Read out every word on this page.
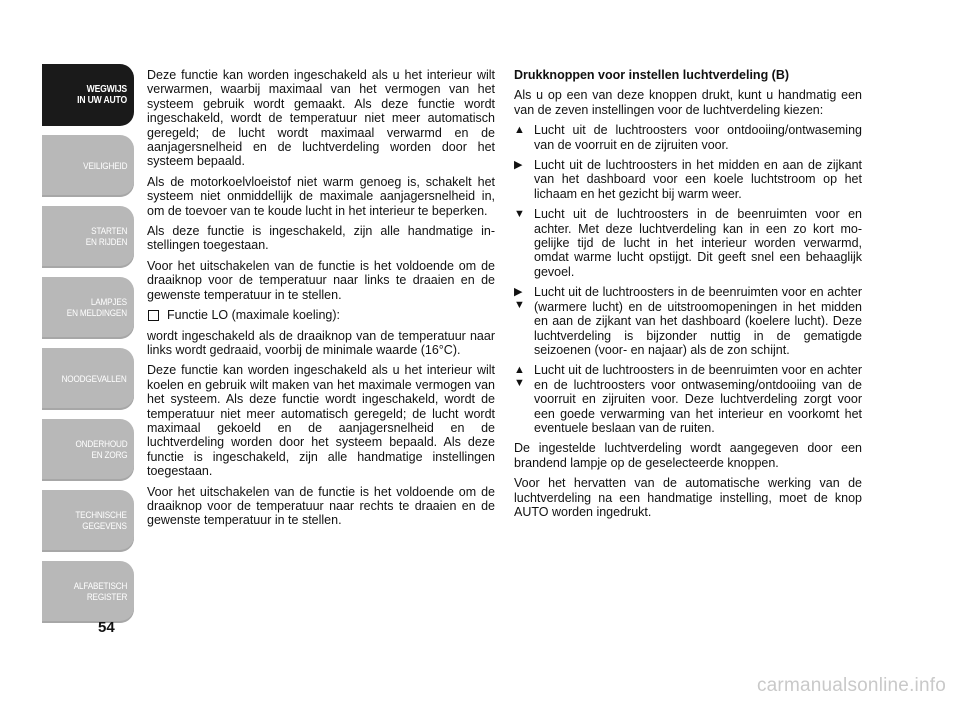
WEGWIJS
IN UW AUTO
VEILIGHEID
STARTEN
EN RIJDEN
LAMPJES
EN MELDINGEN
NOODGEVALLEN
ONDERHOUD
EN ZORG
TECHNISCHE
GEGEVENS
ALFABETISCH
REGISTER
54

Deze functie kan worden ingeschakeld als u het interieur wilt verwarmen, waarbij maximaal van het vermogen van het systeem gebruik wordt gemaakt. Als deze functie wordt ingeschakeld, wordt de temperatuur niet meer automatisch geregeld; de lucht wordt maximaal verwarmd en de aanjagersnelheid en de luchtverdeling worden door het systeem bepaald.

Als de motorkoelvloeistof niet warm genoeg is, schakelt het systeem niet onmiddellijk de maximale aanjagersnelheid in, om de toevoer van te koude lucht in het interieur te beperken.

Als deze functie is ingeschakeld, zijn alle handmatige instellingen toegestaan.

Voor het uitschakelen van de functie is het voldoende om de draaiknop voor de temperatuur naar links te draaien en de gewenste temperatuur in te stellen.

Functie LO (maximale koeling):

wordt ingeschakeld als de draaiknop van de temperatuur naar links wordt gedraaid, voorbij de minimale waarde (16°C).

Deze functie kan worden ingeschakeld als u het interieur wilt koelen en gebruik wilt maken van het maximale vermogen van het systeem. Als deze functie wordt ingeschakeld, wordt de temperatuur niet meer automatisch geregeld; de lucht wordt maximaal gekoeld en de aanjagersnelheid en de luchtverdeling worden door het systeem bepaald. Als deze functie is ingeschakeld, zijn alle handmatige instellingen toegestaan.

Voor het uitschakelen van de functie is het voldoende om de draaiknop voor de temperatuur naar rechts te draaien en de gewenste temperatuur in te stellen.

Drukknoppen voor instellen luchtverdeling (B)

Als u op een van deze knoppen drukt, kunt u handmatig een van de zeven instellingen voor de luchtverdeling kiezen:

▲ Lucht uit de luchtroosters voor ontdooiing/ontwaseming van de voorruit en de zijruiten voor.
▶ Lucht uit de luchtroosters in het midden en aan de zijkant van het dashboard voor een koele luchtstroom op het lichaam en het gezicht bij warm weer.
▼ Lucht uit de luchtroosters in de beenruimten voor en achter. Met deze luchtverdeling kan in een zo kort mogelijke tijd de lucht in het interieur worden verwarmd, omdat warme lucht opstijgt. Dit geeft snel een behaaglijk gevoel.
▶
▼
Lucht uit de luchtroosters in de beenruimten voor en achter (warmere lucht) en de uitstroomopeningen in het midden en aan de zijkant van het dashboard (koelere lucht). Deze luchtverdeling is bijzonder nuttig in de gematigde seizoenen (voor- en najaar) als de zon schijnt.
▲
▼
Lucht uit de luchtroosters in de beenruimten voor en achter en de luchtroosters voor ontwaseming/ontdooiing van de voorruit en zijruiten voor. Deze luchtverdeling zorgt voor een goede verwarming van het interieur en voorkomt het eventuele beslaan van de ruiten.

De ingestelde luchtverdeling wordt aangegeven door een brandend lampje op de geselecteerde knoppen.

Voor het hervatten van de automatische werking van de luchtverdeling na een handmatige instelling, moet de knop AUTO worden ingedrukt.

carmanualsonline.info
